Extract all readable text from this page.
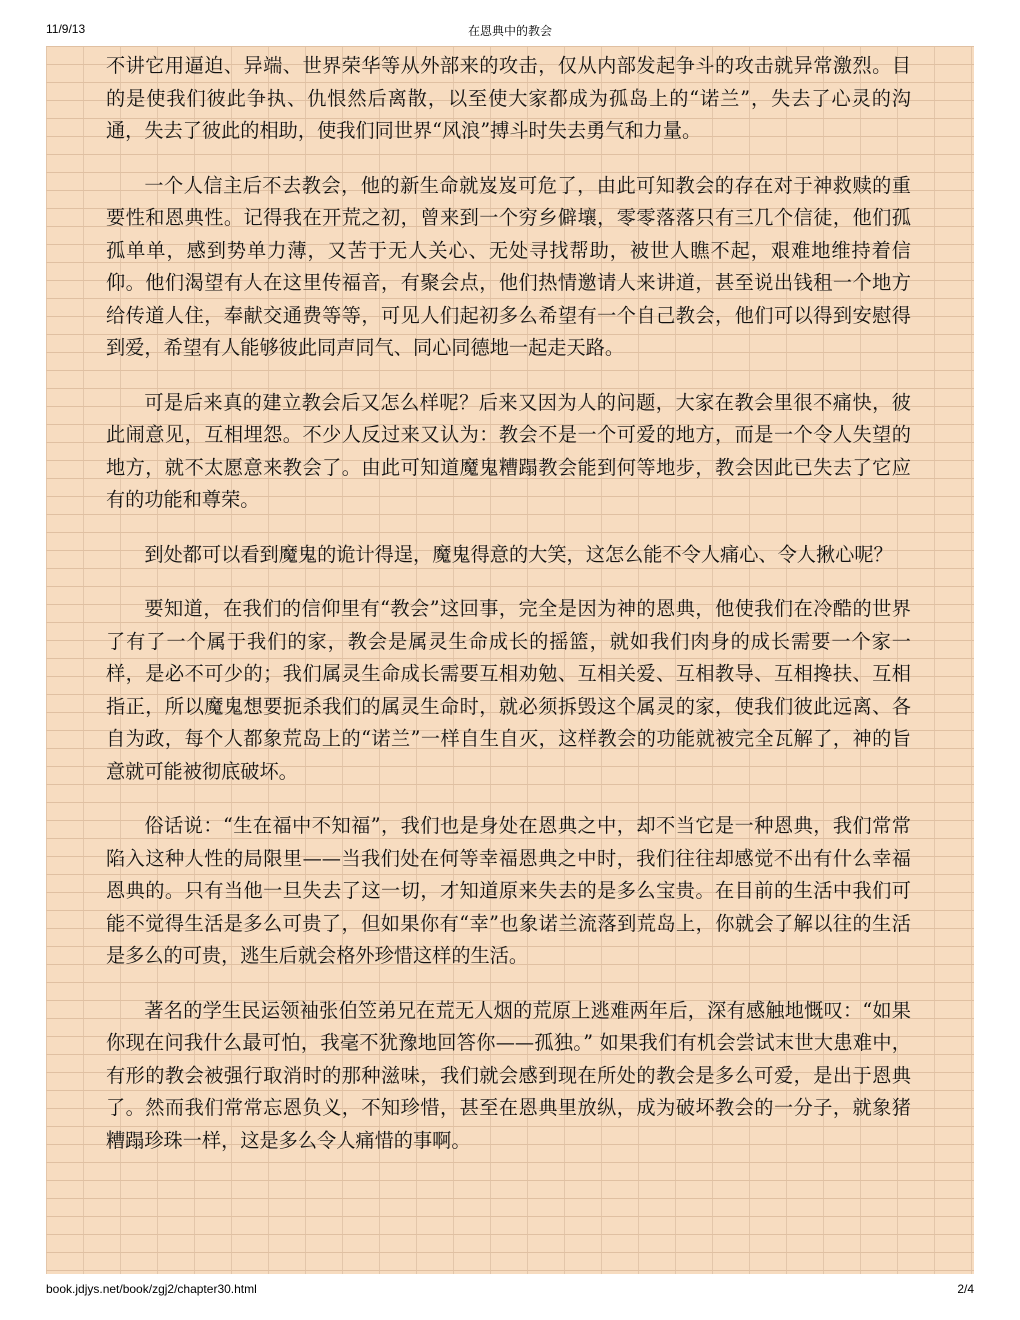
11/9/13	在恩典中的教会

不讲它用逼迫、异端、世界荣华等从外部来的攻击，仅从内部发起争斗的攻击就异常激烈。目的是使我们彼此争执、仇恨然后离散，以至使大家都成为孤岛上的“诺兰”，失去了心灵的沟通，失去了彼此的相助，使我们同世界“风浪”搏斗时失去勇气和力量。

一个人信主后不去教会，他的新生命就岌岌可危了，由此可知教会的存在对于神救赎的重要性和恩典性。记得我在开荒之初，曾来到一个穷乡僻壤，零零落落只有三几个信徒，他们孤孤单单，感到势单力薄，又苦于无人关心、无处寻找帮助，被世人瞧不起，艰难地维持着信仰。他们渴望有人在这里传福音，有聚会点，他们热情邀请人来讲道，甚至说出钱租一个地方给传道人住，奉献交通费等等，可见人们起初多么希望有一个自己教会，他们可以得到安慰得到爱，希望有人能够彼此同声同气、同心同德地一起走天路。

可是后来真的建立教会后又怎么样呢？后来又因为人的问题，大家在教会里很不痛快，彼此闹意见，互相埋怨。不少人反过来又认为：教会不是一个可爱的地方，而是一个令人失望的地方，就不太愿意来教会了。由此可知道魔鬼糟蹋教会能到何等地步，教会因此已失去了它应有的功能和尊荣。

到处都可以看到魔鬼的诡计得逞，魔鬼得意的大笑，这怎么能不令人痛心、令人揪心呢？

要知道，在我们的信仰里有“教会”这回事，完全是因为神的恩典，他使我们在冷酷的世界了有了一个属于我们的家，教会是属灵生命成长的摇篮，就如我们肉身的成长需要一个家一样，是必不可少的；我们属灵生命成长需要互相劝勉、互相关爱、互相教导、互相搀扶、互相指正，所以魔鬼想要扼杀我们的属灵生命时，就必须拆毁这个属灵的家，使我们彼此远离、各自为政，每个人都象荒岛上的“诺兰”一样自生自灭，这样教会的功能就被完全瓦解了，神的旨意就可能被彻底破坏。

俗话说：“生在福中不知福”，我们也是身处在恩典之中，却不当它是一种恩典，我们常常陷入这种人性的局限里——当我们处在何等幸福恩典之中时，我们往往却感觉不出有什么幸福恩典的。只有当他一旦失去了这一切，才知道原来失去的是多么宝贵。在目前的生活中我们可能不觉得生活是多么可贵了，但如果你有“幸”也象诺兰流落到荒岛上，你就会了解以往的生活是多么的可贵，逃生后就会格外珍惜这样的生活。

著名的学生民运领袖张伯笠弟兄在荒无人烟的荒原上逃难两年后，深有感触地慨叹：“如果你现在问我什么最可怕，我毫不犹豫地回答你——孤独。” 如果我们有机会尝试末世大患难中，有形的教会被强行取消时的那种滋味，我们就会感到现在所处的教会是多么可爱，是出于恩典了。然而我们常常忘恩负义，不知珍惜，甚至在恩典里放纵，成为破坏教会的一分子，就象猪糟蹋珍珠一样，这是多么令人痛惜的事啊。

book.jdjys.net/book/zgj2/chapter30.html	2/4
